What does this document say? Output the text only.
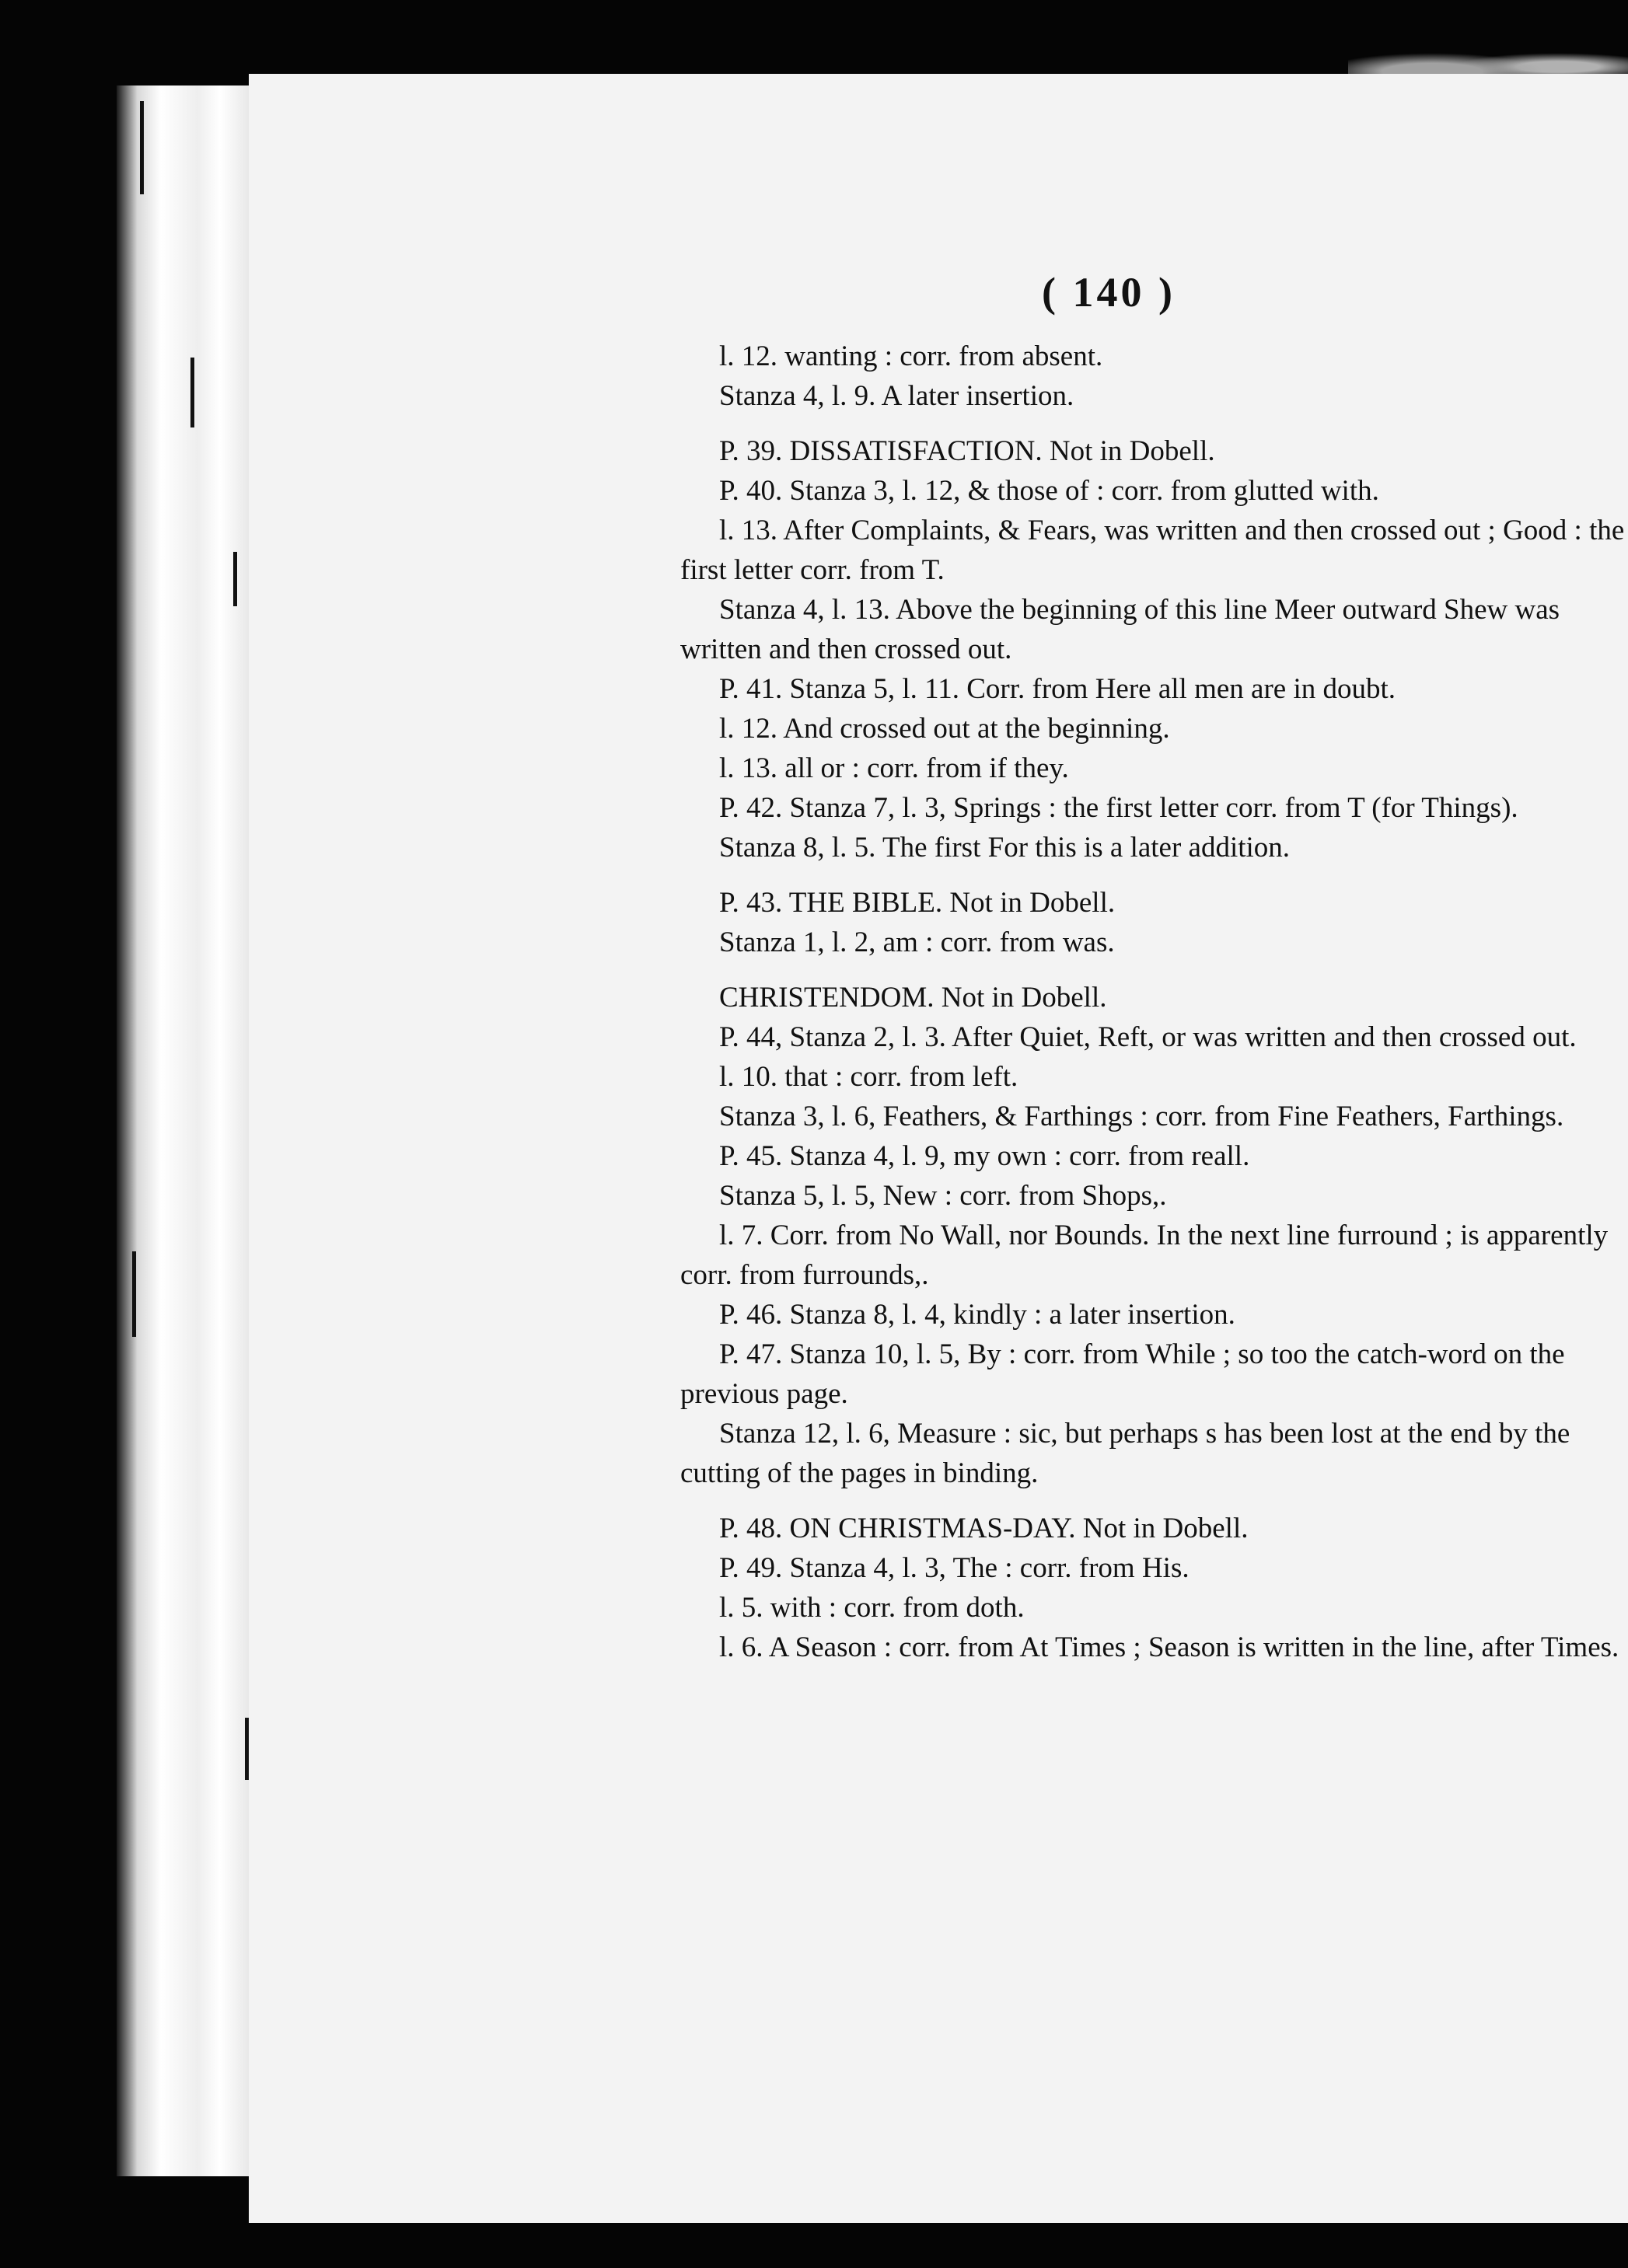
( 140 )

l. 12. wanting : corr. from absent.

Stanza 4, l. 9. A later insertion.

P. 39. DISSATISFACTION. Not in Dobell.

P. 40. Stanza 3, l. 12, & those of : corr. from glutted with.

l. 13. After Complaints, & Fears, was written and then crossed out ; Good : the first letter corr. from T.

Stanza 4, l. 13. Above the beginning of this line Meer outward Shew was written and then crossed out.

P. 41. Stanza 5, l. 11. Corr. from Here all men are in doubt.

l. 12. And crossed out at the beginning.

l. 13. all or : corr. from if they.

P. 42. Stanza 7, l. 3, Springs : the first letter corr. from T (for Things).

Stanza 8, l. 5. The first For this is a later addition.

P. 43. THE BIBLE. Not in Dobell.

Stanza 1, l. 2, am : corr. from was.

CHRISTENDOM. Not in Dobell.

P. 44, Stanza 2, l. 3. After Quiet, Reft, or was written and then crossed out.

l. 10. that : corr. from left.

Stanza 3, l. 6, Feathers, & Farthings : corr. from Fine Feathers, Farthings.

P. 45. Stanza 4, l. 9, my own : corr. from reall.

Stanza 5, l. 5, New : corr. from Shops,.

l. 7. Corr. from No Wall, nor Bounds. In the next line furround ; is apparently corr. from furrounds,.

P. 46. Stanza 8, l. 4, kindly : a later insertion.

P. 47. Stanza 10, l. 5, By : corr. from While ; so too the catch-word on the previous page.

Stanza 12, l. 6, Measure : sic, but perhaps s has been lost at the end by the cutting of the pages in binding.

P. 48. ON CHRISTMAS-DAY. Not in Dobell.

P. 49. Stanza 4, l. 3, The : corr. from His.

l. 5. with : corr. from doth.

l. 6. A Season : corr. from At Times ; Season is written in the line, after Times.
